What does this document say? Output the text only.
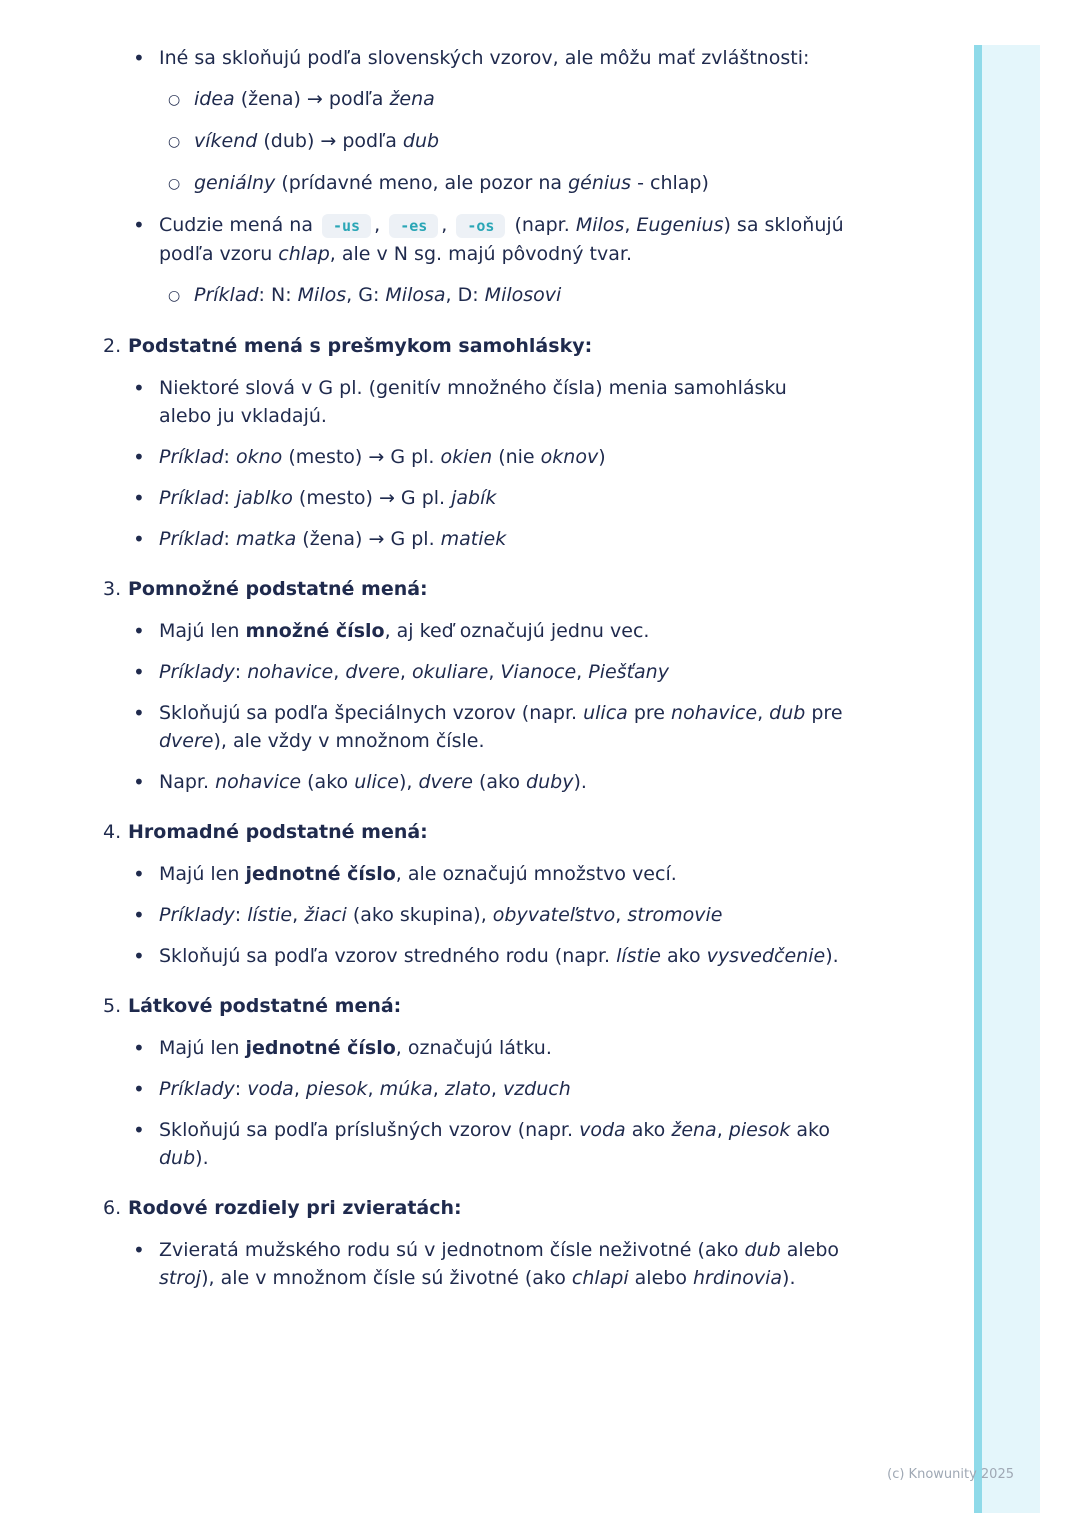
• Iné sa skloňujú podľa slovenských vzorov, ale môžu mať zvláštnosti:
○ idea (žena) → podľa žena
○ víkend (dub) → podľa dub
○ geniálny (prídavné meno, ale pozor na génius - chlap)
• Cudzie mená na -us , -es , -os (napr. Milos, Eugenius) sa skloňujú podľa vzoru chlap, ale v N sg. majú pôvodný tvar.
○ Príklad: N: Milos, G: Milosa, D: Milosovi
2. Podstatné mená s prešmykom samohlásky:
• Niektoré slová v G pl. (genitív množného čísla) menia samohlásku alebo ju vkladajú.
• Príklad: okno (mesto) → G pl. okien (nie oknov)
• Príklad: jablko (mesto) → G pl. jabík
• Príklad: matka (žena) → G pl. matiek
3. Pomnožné podstatné mená:
• Majú len množné číslo, aj keď označujú jednu vec.
• Príklady: nohavice, dvere, okuliare, Vianoce, Piešťany
• Skloňujú sa podľa špeciálnych vzorov (napr. ulica pre nohavice, dub pre dvere), ale vždy v množnom čísle.
• Napr. nohavice (ako ulice), dvere (ako duby).
4. Hromadné podstatné mená:
• Majú len jednotné číslo, ale označujú množstvo vecí.
• Príklady: lístie, žiaci (ako skupina), obyvateľstvo, stromovie
• Skloňujú sa podľa vzorov stredného rodu (napr. lístie ako vysvedčenie).
5. Látkové podstatné mená:
• Majú len jednotné číslo, označujú látku.
• Príklady: voda, piesok, múka, zlato, vzduch
• Skloňujú sa podľa príslušných vzorov (napr. voda ako žena, piesok ako dub).
6. Rodové rozdiely pri zvieratách:
• Zvieratá mužského rodu sú v jednotnom čísle neživotné (ako dub alebo stroj), ale v množnom čísle sú životné (ako chlapi alebo hrdinovia).
(c) Knowunity 2025
